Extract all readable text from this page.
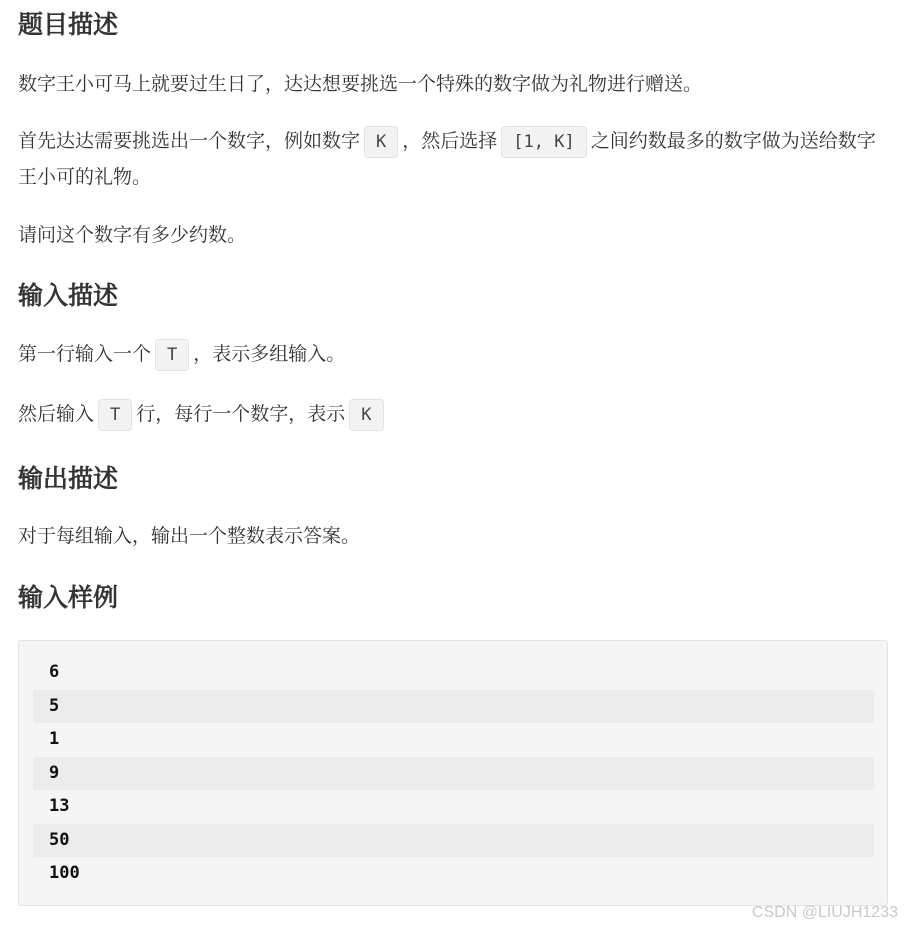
题目描述

数字王小可马上就要过生日了，达达想要挑选一个特殊的数字做为礼物进行赠送。

首先达达需要挑选出一个数字，例如数字 K ，然后选择 [1, K] 之间约数最多的数字做为送给数字王小可的礼物。

请问这个数字有多少约数。

输入描述

第一行输入一个 T ，表示多组输入。

然后输入 T 行，每行一个数字，表示 K

输出描述

对于每组输入，输出一个整数表示答案。

输入样例
6
5
1
9
13
50
100
CSDN @LIUJH1233
